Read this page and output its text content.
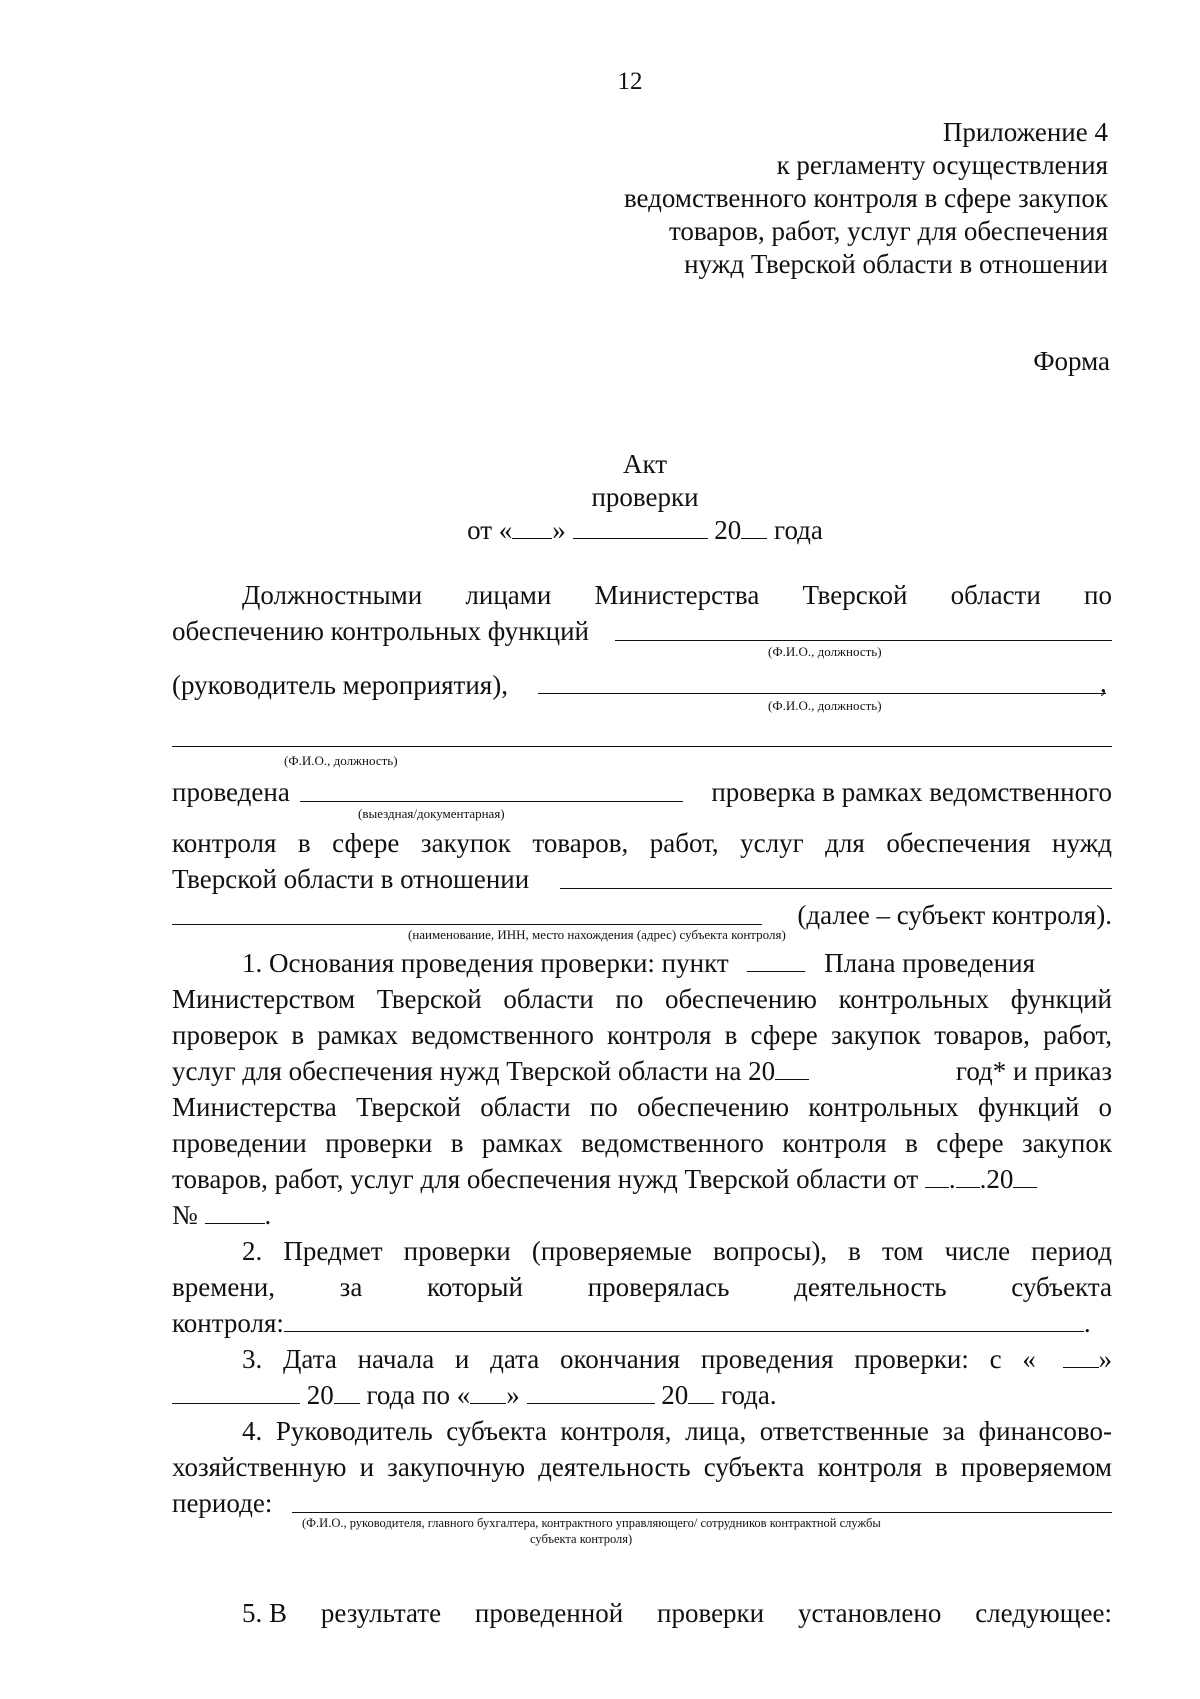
12
Приложение 4
к регламенту осуществления
ведомственного контроля в сфере закупок
товаров, работ, услуг для обеспечения
нужд Тверской области в отношении
Форма
Акт
проверки
от « »	20 года
Должностными лицами Министерства Тверской области по
обеспечению контрольных функций
(Ф.И.О., должность)
(руководитель мероприятия),	,
(Ф.И.О., должность)
(Ф.И.О., должность)
проведена	проверка в рамках ведомственного
(выездная/документарная)
контроля в сфере закупок товаров, работ, услуг для обеспечения нужд
Тверской области в отношении
(далее – субъект контроля).
(наименование, ИНН, место нахождения (адрес) субъекта контроля)
1. Основания проведения проверки: пункт	Плана проведения
Министерством Тверской области по обеспечению контрольных функций
проверок в рамках ведомственного контроля в сфере закупок товаров, работ,
услуг для обеспечения нужд Тверской области на 20	год* и приказ
Министерства Тверской области по обеспечению контрольных функций о
проведении проверки в рамках ведомственного контроля в сфере закупок
товаров, работ, услуг для обеспечения нужд Тверской области от . .20
№ .
2. Предмет проверки (проверяемые вопросы), в том числе период
времени, за который проверялась деятельность субъекта
контроля:	.
3. Дата начала и дата окончания проведения проверки: с «	»
20 года по « »	20 года.
4. Руководитель субъекта контроля, лица, ответственные за финансово-
хозяйственную и закупочную деятельность субъекта контроля в проверяемом
периоде:
(Ф.И.О., руководителя, главного бухгалтера, контрактного управляющего/ сотрудников контрактной службы
субъекта контроля)
5. В результате проведенной проверки установлено следующее:
